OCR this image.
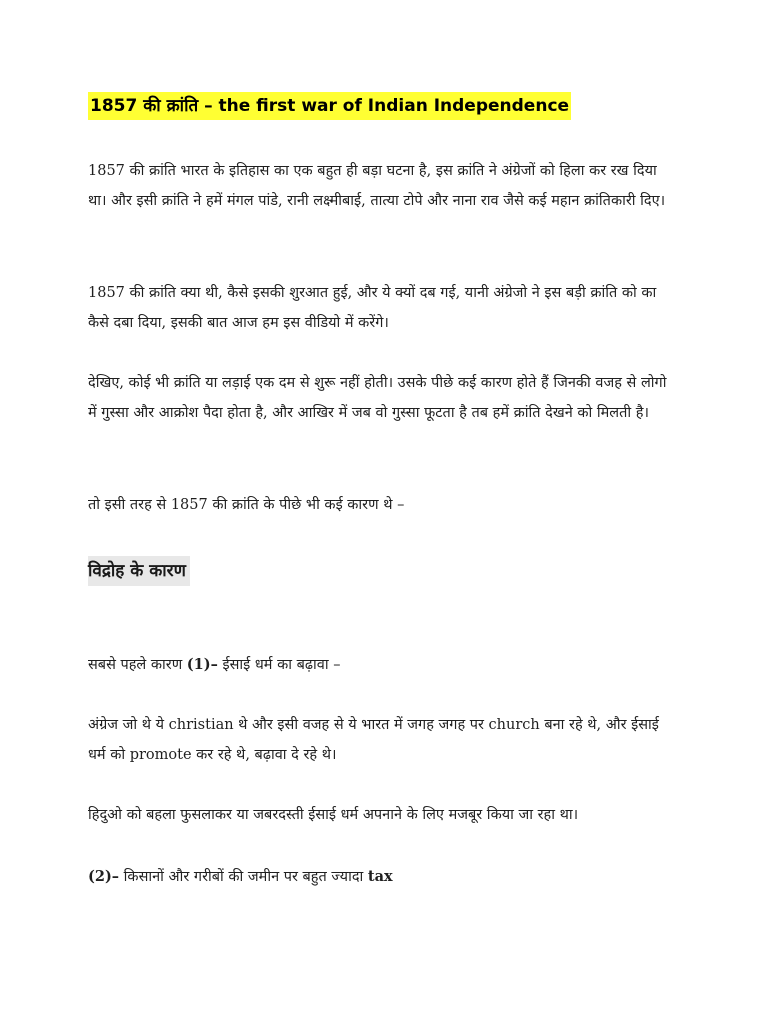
1857 की क्रांति – the first war of Indian Independence

1857 की क्रांति भारत के इतिहास का एक बहुत ही बड़ा घटना है, इस क्रांति ने अंग्रेजों को हिला कर रख दिया था। और इसी क्रांति ने हमें मंगल पांडे, रानी लक्ष्मीबाई, तात्या टोपे और नाना राव जैसे कई महान क्रांतिकारी दिए।

1857 की क्रांति क्या थी, कैसे इसकी शुरआत हुई, और ये क्यों दब गई, यानी अंग्रेजो ने इस बड़ी क्रांति को का कैसे दबा दिया, इसकी बात आज हम इस वीडियो में करेंगे।

देखिए, कोई भी क्रांति या लड़ाई एक दम से शुरू नहीं होती। उसके पीछे कई कारण होते हैं जिनकी वजह से लोगो में गुस्सा और आक्रोश पैदा होता है, और आखिर में जब वो गुस्सा फूटता है तब हमें क्रांति देखने को मिलती है।

तो इसी तरह से 1857 की क्रांति के पीछे भी कई कारण थे –

विद्रोह के कारण

सबसे पहले कारण (1)– ईसाई धर्म का बढ़ावा –

अंग्रेज जो थे ये christian थे और इसी वजह से ये भारत में जगह जगह पर church बना रहे थे, और ईसाई धर्म को promote कर रहे थे, बढ़ावा दे रहे थे।

हिदुओ को बहला फुसलाकर या जबरदस्ती ईसाई धर्म अपनाने के लिए मजबूर किया जा रहा था।

(2)– किसानों और गरीबों की जमीन पर बहुत ज्यादा tax
